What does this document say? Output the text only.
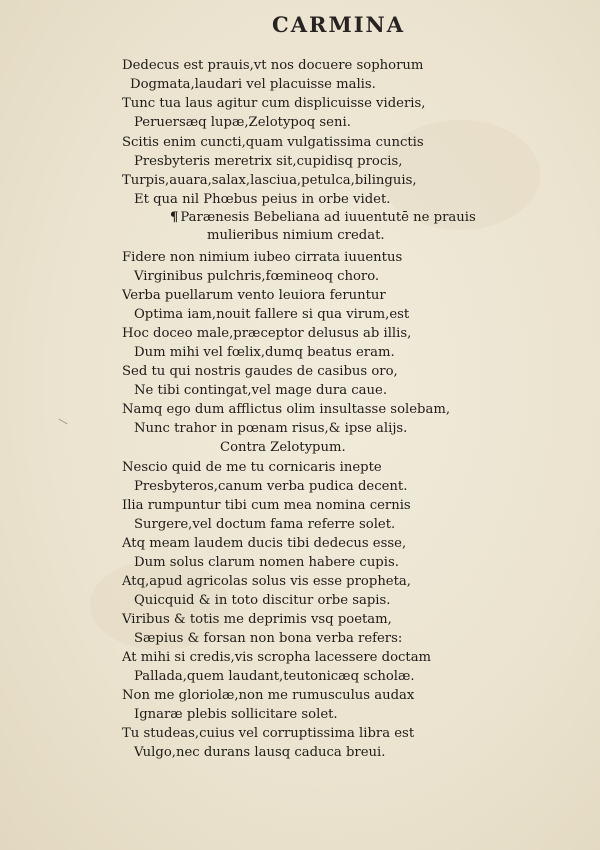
CARMINA
Dedecus est prauis,vt nos docuere sophorum
Dogmata,laudari vel placuisse malis.
Tunc tua laus agitur cum displicuisse videris,
Peruersæq lupæ,Zelotypoq seni.
Scitis enim cuncti,quam vulgatissima cunctis
Presbyteris meretrix sit,cupidisq procis,
Turpis,auara,salax,lasciua,petulca,bilinguis,
Et qua nil Phœbus peius in orbe videt.
¶ Parænesis Bebeliana ad iuuentutē ne prauis
mulieribus nimium credat.
Fidere non nimium iubeo cirrata iuuentus
Virginibus pulchris,fœmineoq choro.
Verba puellarum vento leuiora feruntur
Optima iam,nouit fallere si qua virum,est
Hoc doceo male,præceptor delusus ab illis,
Dum mihi vel fœlix,dumq beatus eram.
Sed tu qui nostris gaudes de casibus oro,
Ne tibi contingat,vel mage dura caue.
Namq ego dum afflictus olim insultasse solebam,
Nunc trahor in pœnam risus,& ipse alijs.
Contra Zelotypum.
Nescio quid de me tu cornicaris inepte
Presbyteros,canum verba pudica decent.
Ilia rumpuntur tibi cum mea nomina cernis
Surgere,vel doctum fama referre solet.
Atq meam laudem ducis tibi dedecus esse,
Dum solus clarum nomen habere cupis.
Atq,apud agricolas solus vis esse propheta,
Quicquid & in toto discitur orbe sapis.
Viribus & totis me deprimis vsq poetam,
Sæpius & forsan non bona verba refers:
At mihi si credis,vis scropha lacessere doctam
Pallada,quem laudant,teutonicæq scholæ.
Non me gloriolæ,non me rumusculus audax
Ignaræ plebis sollicitare solet.
Tu studeas,cuius vel corruptissima libra est
Vulgo,nec durans lausq caduca breui.
